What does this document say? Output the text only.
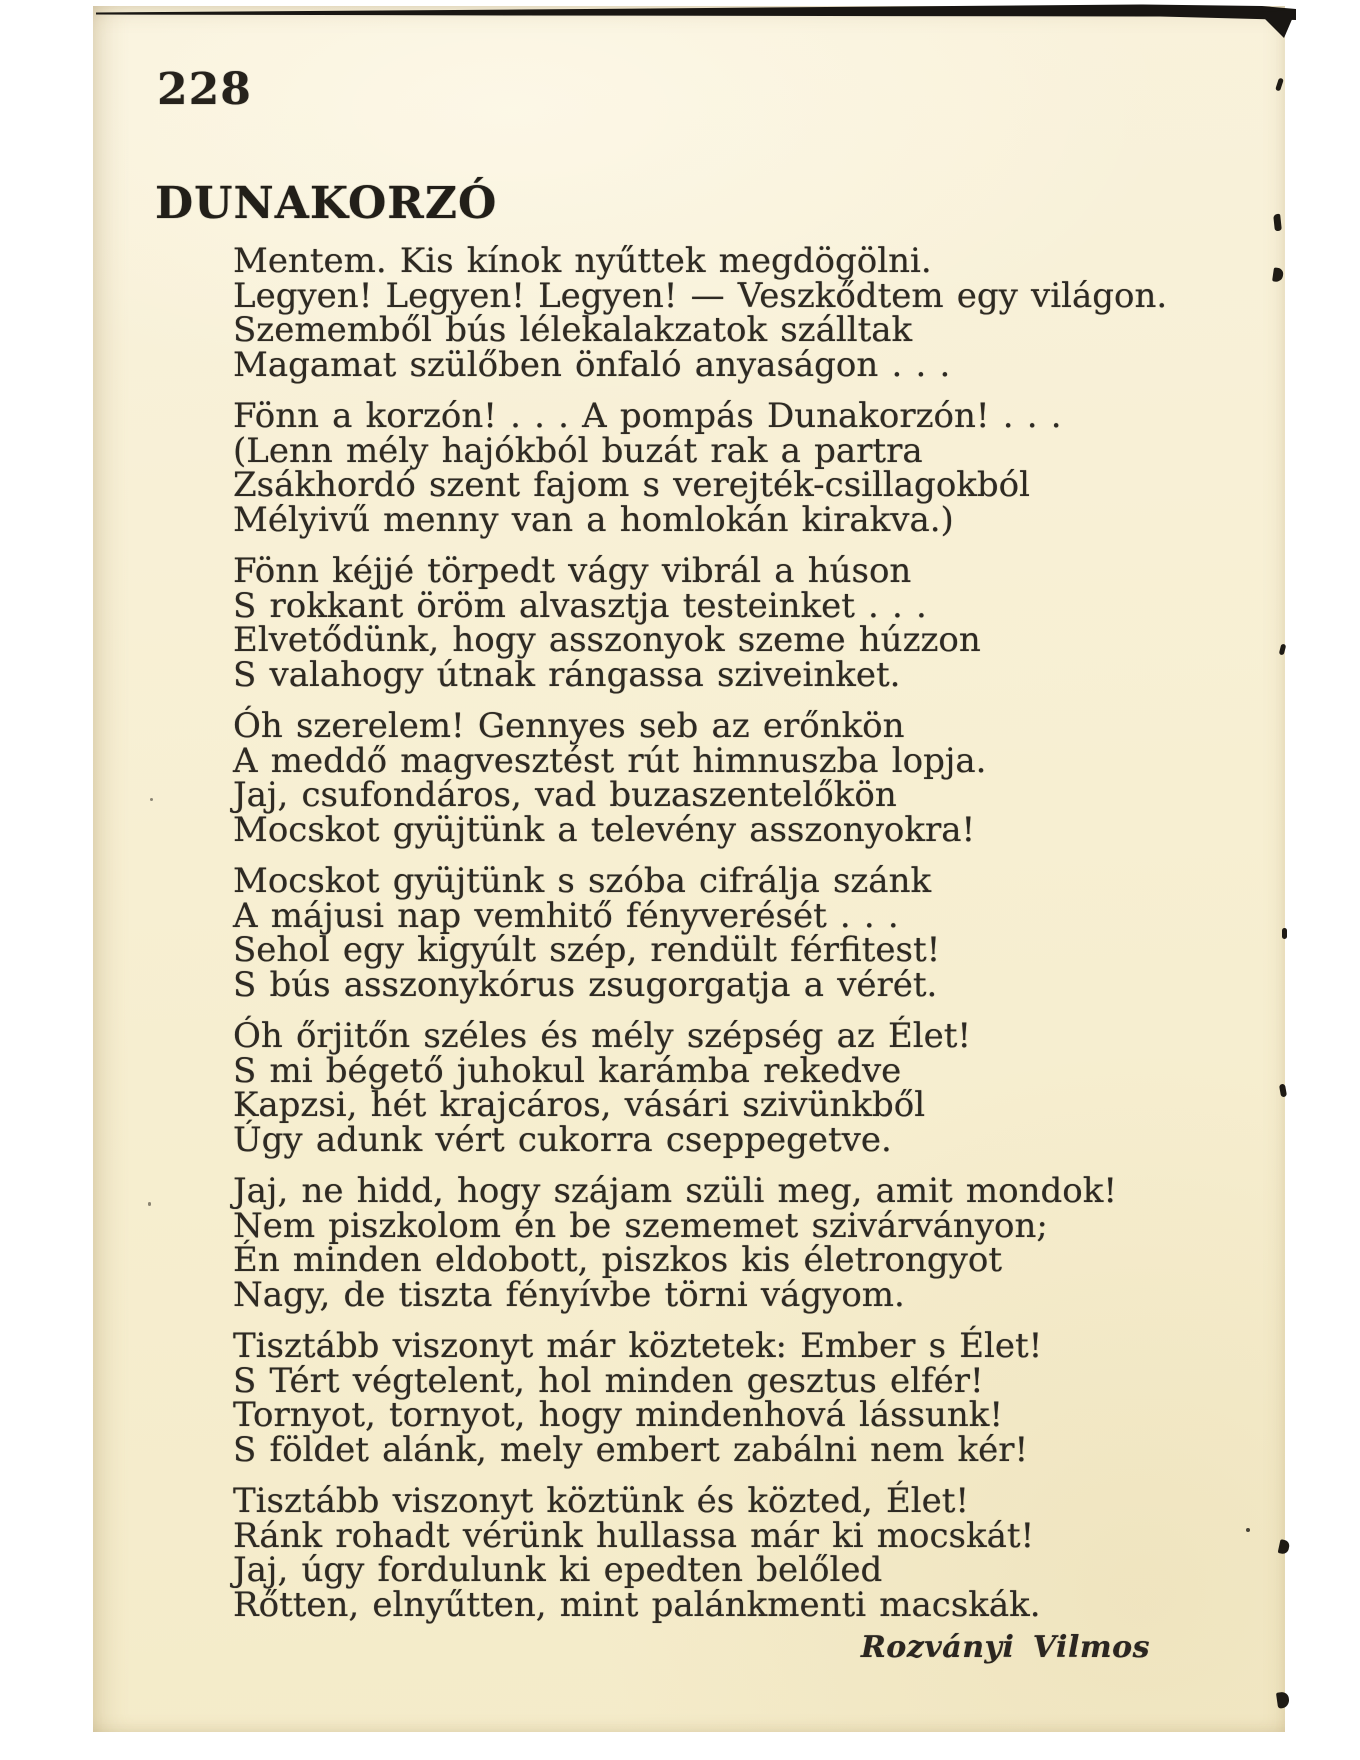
228
DUNAKORZÓ
Mentem. Kis kínok nyűttek megdögölni.
Legyen! Legyen! Legyen! — Veszkődtem egy világon.
Szememből bús lélekalakzatok szálltak
Magamat szülőben önfaló anyaságon . . .
Fönn a korzón! . . . A pompás Dunakorzón! . . .
(Lenn mély hajókból buzát rak a partra
Zsákhordó szent fajom s verejték-csillagokból
Mélyivű menny van a homlokán kirakva.)
Fönn kéjjé törpedt vágy vibrál a húson
S rokkant öröm alvasztja testeinket . . .
Elvetődünk, hogy asszonyok szeme húzzon
S valahogy útnak rángassa sziveinket.
Óh szerelem! Gennyes seb az erőnkön
A meddő magvesztést rút himnuszba lopja.
Jaj, csufondáros, vad buzaszentelőkön
Mocskot gyüjtünk a televény asszonyokra!
Mocskot gyüjtünk s szóba cifrálja szánk
A májusi nap vemhitő fényverését . . .
Sehol egy kigyúlt szép, rendült férfitest!
S bús asszonykórus zsugorgatja a vérét.
Óh őrjitőn széles és mély szépség az Élet!
S mi bégető juhokul karámba rekedve
Kapzsi, hét krajcáros, vásári szivünkből
Úgy adunk vért cukorra cseppegetve.
Jaj, ne hidd, hogy szájam szüli meg, amit mondok!
Nem piszkolom én be szememet szivárványon;
Én minden eldobott, piszkos kis életrongyot
Nagy, de tiszta fényívbe törni vágyom.
Tisztább viszonyt már köztetek: Ember s Élet!
S Tért végtelent, hol minden gesztus elfér!
Tornyot, tornyot, hogy mindenhová lássunk!
S földet alánk, mely embert zabálni nem kér!
Tisztább viszonyt köztünk és közted, Élet!
Ránk rohadt vérünk hullassa már ki mocskát!
Jaj, úgy fordulunk ki epedten belőled
Rőtten, elnyűtten, mint palánkmenti macskák.
Rozványi Vilmos
